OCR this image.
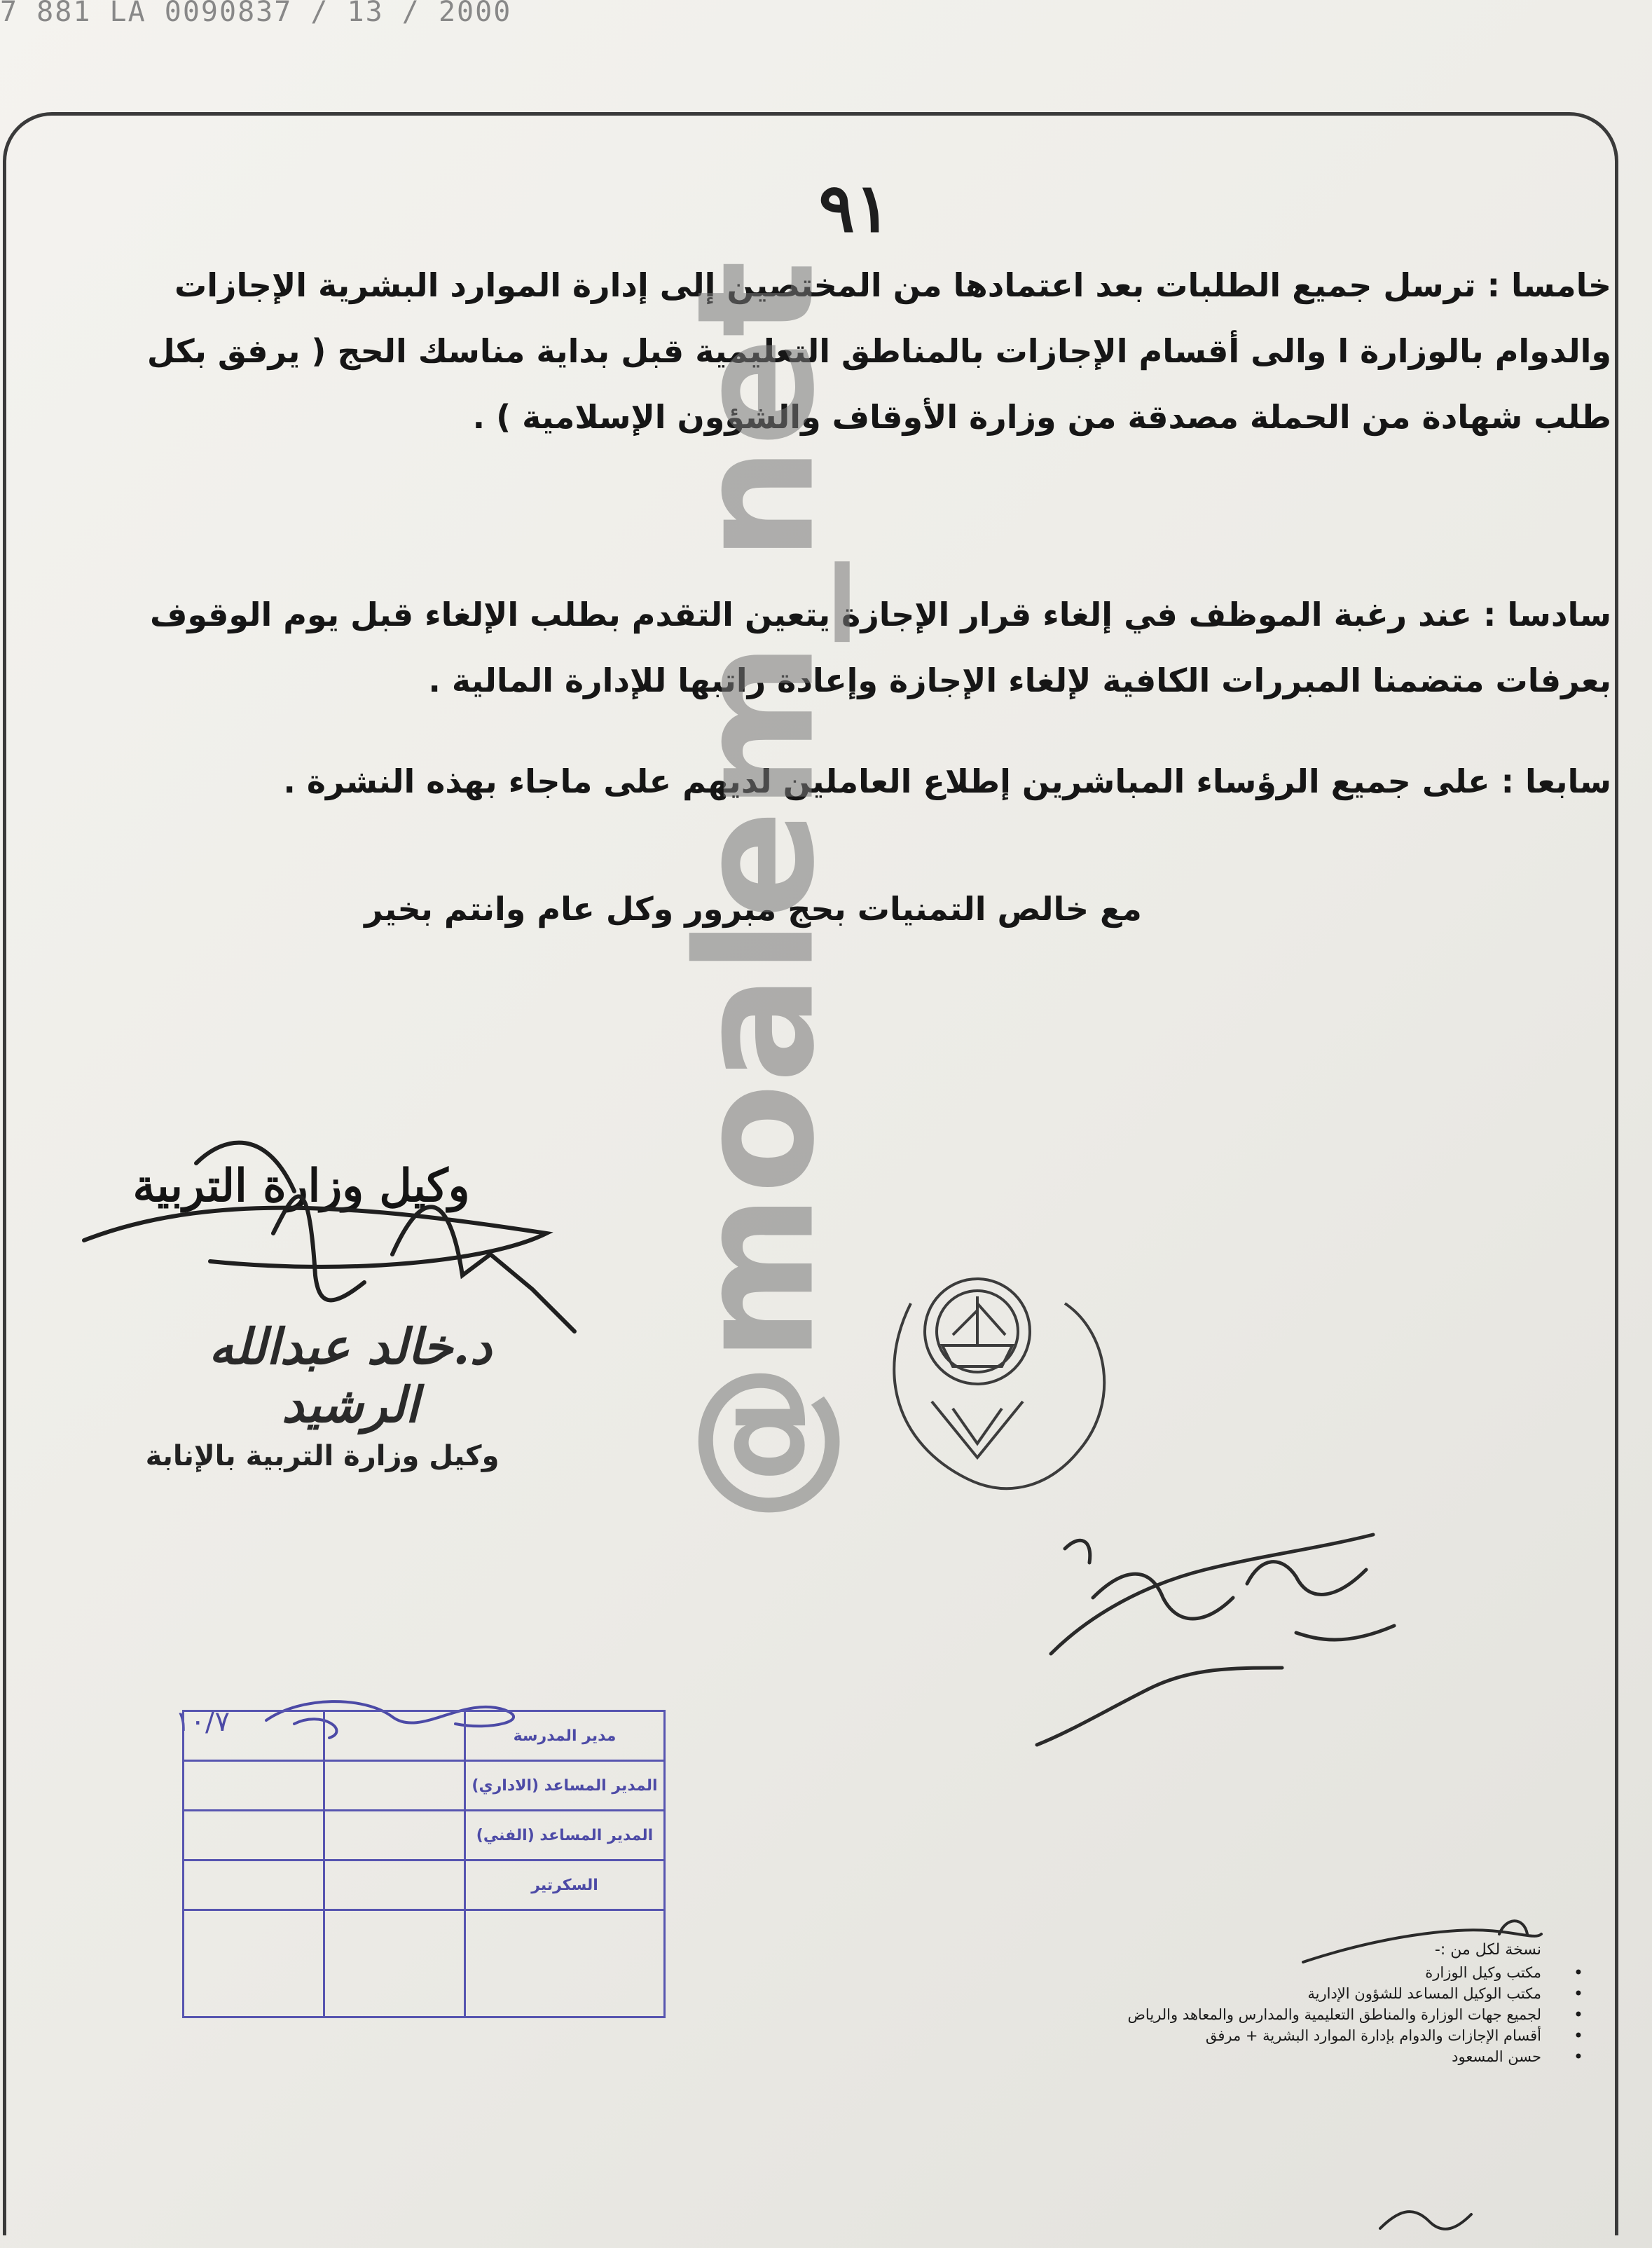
7 881 LA 0090837 / 13 / 2000
٩١
خامسا : ترسل جميع الطلبات بعد اعتمادها من المختصين إلى إدارة الموارد البشرية الإجازات والدوام بالوزارة ا والى أقسام الإجازات بالمناطق التعليمية قبل بداية مناسك الحج ( يرفق بكل طلب شهادة من الحملة مصدقة من وزارة الأوقاف والشؤون الإسلامية ) .
سادسا : عند رغبة الموظف في إلغاء قرار الإجازة يتعين التقدم بطلب الإلغاء قبل يوم الوقوف بعرفات متضمنا المبررات الكافية لإلغاء الإجازة وإعادة راتبها للإدارة المالية .
سابعا : على جميع الرؤساء المباشرين إطلاع العاملين لديهم على ماجاء بهذه النشرة .
مع خالص التمنيات بحج مبرور وكل عام وانتم بخير
@moalem_net
وكيل وزارة التربية
د.خالد عبدالله الرشيد
وكيل وزارة التربية بالإنابة
١٠/٧	مدير المدرسة		
المدير المساعد (الاداري)		
المدير المساعد (الفني)		
السكرتير		

نسخة لكل من :-
•
مكتب وكيل الوزارة
•
مكتب الوكيل المساعد للشؤون الإدارية
•
لجميع جهات الوزارة والمناطق التعليمية والمدارس والمعاهد والرياض
•
أقسام الإجازات والدوام بإدارة الموارد البشرية + مرفق
•
حسن المسعود
